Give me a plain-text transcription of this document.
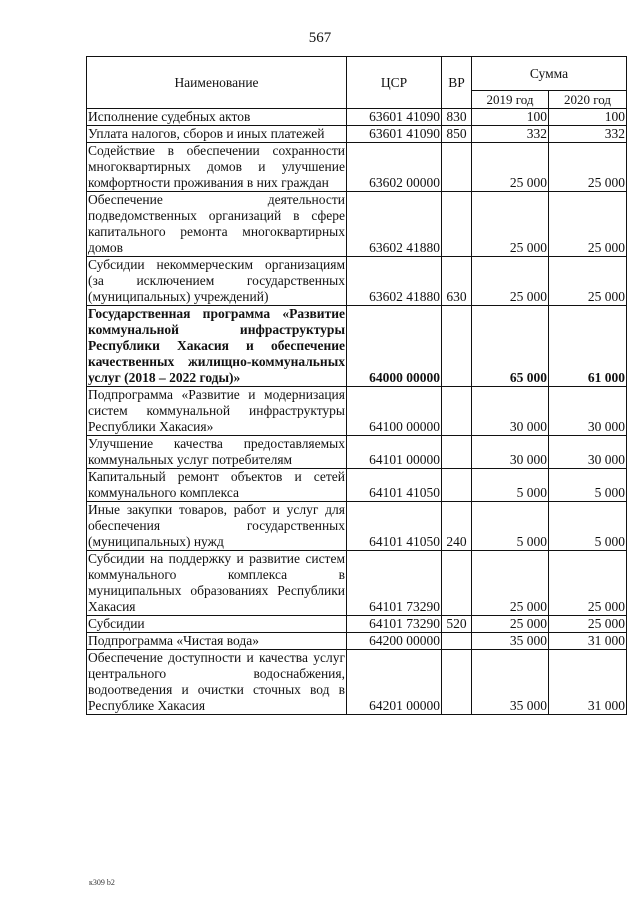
567
Наименование	ЦСР	ВР	Сумма	
			2019 год	2020 год
Исполнение судебных актов	63601 41090	830	100	100
Уплата налогов, сборов и иных платежей	63601 41090	850	332	332
Содействие в обеспечении сохранности многоквартирных домов и улучшение комфортности проживания в них граждан	63602 00000		25 000	25 000
Обеспечение деятельности подведомственных организаций в сфере капитального ремонта многоквартирных домов	63602 41880		25 000	25 000
Субсидии некоммерческим организациям (за исключением государственных (муниципальных) учреждений)	63602 41880	630	25 000	25 000
Государственная программа «Развитие коммунальной инфраструктуры Республики Хакасия и обеспечение качественных жилищно-коммунальных услуг (2018 – 2022 годы)»	64000 00000		65 000	61 000
Подпрограмма «Развитие и модернизация систем коммунальной инфраструктуры Республики Хакасия»	64100 00000		30 000	30 000
Улучшение качества предоставляемых коммунальных услуг потребителям	64101 00000		30 000	30 000
Капитальный ремонт объектов и сетей коммунального комплекса	64101 41050		5 000	5 000
Иные закупки товаров, работ и услуг для обеспечения государственных (муниципальных) нужд	64101 41050	240	5 000	5 000
Субсидии на поддержку и развитие систем коммунального комплекса в муниципальных образованиях Республики Хакасия	64101 73290		25 000	25 000
Субсидии	64101 73290	520	25 000	25 000
Подпрограмма «Чистая вода»	64200 00000		35 000	31 000
Обеспечение доступности и качества услуг центрального водоснабжения, водоотведения и очистки сточных вод в Республике Хакасия	64201 00000		35 000	31 000
к309 b2
